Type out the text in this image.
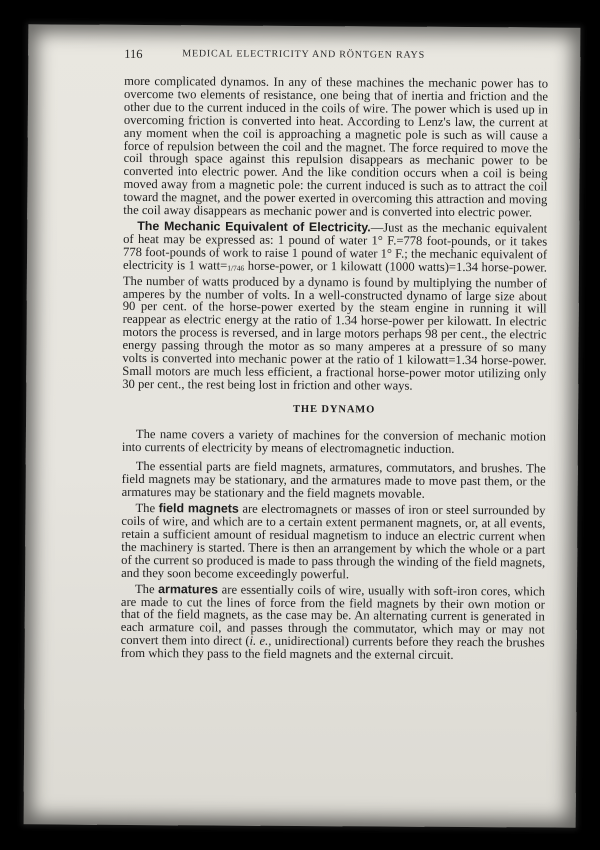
116	MEDICAL ELECTRICITY AND RÖNTGEN RAYS

more complicated dynamos. In any of these machines the mechanic power has to overcome two elements of resistance, one being that of inertia and friction and the other due to the current induced in the coils of wire. The power which is used up in overcoming friction is converted into heat. According to Lenz's law, the current at any moment when the coil is approaching a magnetic pole is such as will cause a force of repulsion between the coil and the magnet. The force required to move the coil through space against this repulsion disappears as mechanic power to be converted into electric power. And the like condition occurs when a coil is being moved away from a magnetic pole: the current induced is such as to attract the coil toward the magnet, and the power exerted in overcoming this attraction and moving the coil away disappears as mechanic power and is converted into electric power.

The Mechanic Equivalent of Electricity.—Just as the mechanic equivalent of heat may be expressed as: 1 pound of water 1° F.=778 foot-pounds, or it takes 778 foot-pounds of work to raise 1 pound of water 1° F.; the mechanic equivalent of electricity is 1 watt=1/746 horse-power, or 1 kilowatt (1000 watts)=1.34 horse-power. The number of watts produced by a dynamo is found by multiplying the number of amperes by the number of volts. In a well-constructed dynamo of large size about 90 per cent. of the horse-power exerted by the steam engine in running it will reappear as electric energy at the ratio of 1.34 horse-power per kilowatt. In electric motors the process is reversed, and in large motors perhaps 98 per cent., the electric energy passing through the motor as so many amperes at a pressure of so many volts is converted into mechanic power at the ratio of 1 kilowatt=1.34 horse-power. Small motors are much less efficient, a fractional horse-power motor utilizing only 30 per cent., the rest being lost in friction and other ways.

THE DYNAMO

The name covers a variety of machines for the conversion of mechanic motion into currents of electricity by means of electromagnetic induction.

The essential parts are field magnets, armatures, commutators, and brushes. The field magnets may be stationary, and the armatures made to move past them, or the armatures may be stationary and the field magnets movable.

The field magnets are electromagnets or masses of iron or steel surrounded by coils of wire, and which are to a certain extent permanent magnets, or, at all events, retain a sufficient amount of residual magnetism to induce an electric current when the machinery is started. There is then an arrangement by which the whole or a part of the current so produced is made to pass through the winding of the field magnets, and they soon become exceedingly powerful.

The armatures are essentially coils of wire, usually with soft-iron cores, which are made to cut the lines of force from the field magnets by their own motion or that of the field magnets, as the case may be. An alternating current is generated in each armature coil, and passes through the commutator, which may or may not convert them into direct (i. e., unidirectional) currents before they reach the brushes from which they pass to the field magnets and the external circuit.
